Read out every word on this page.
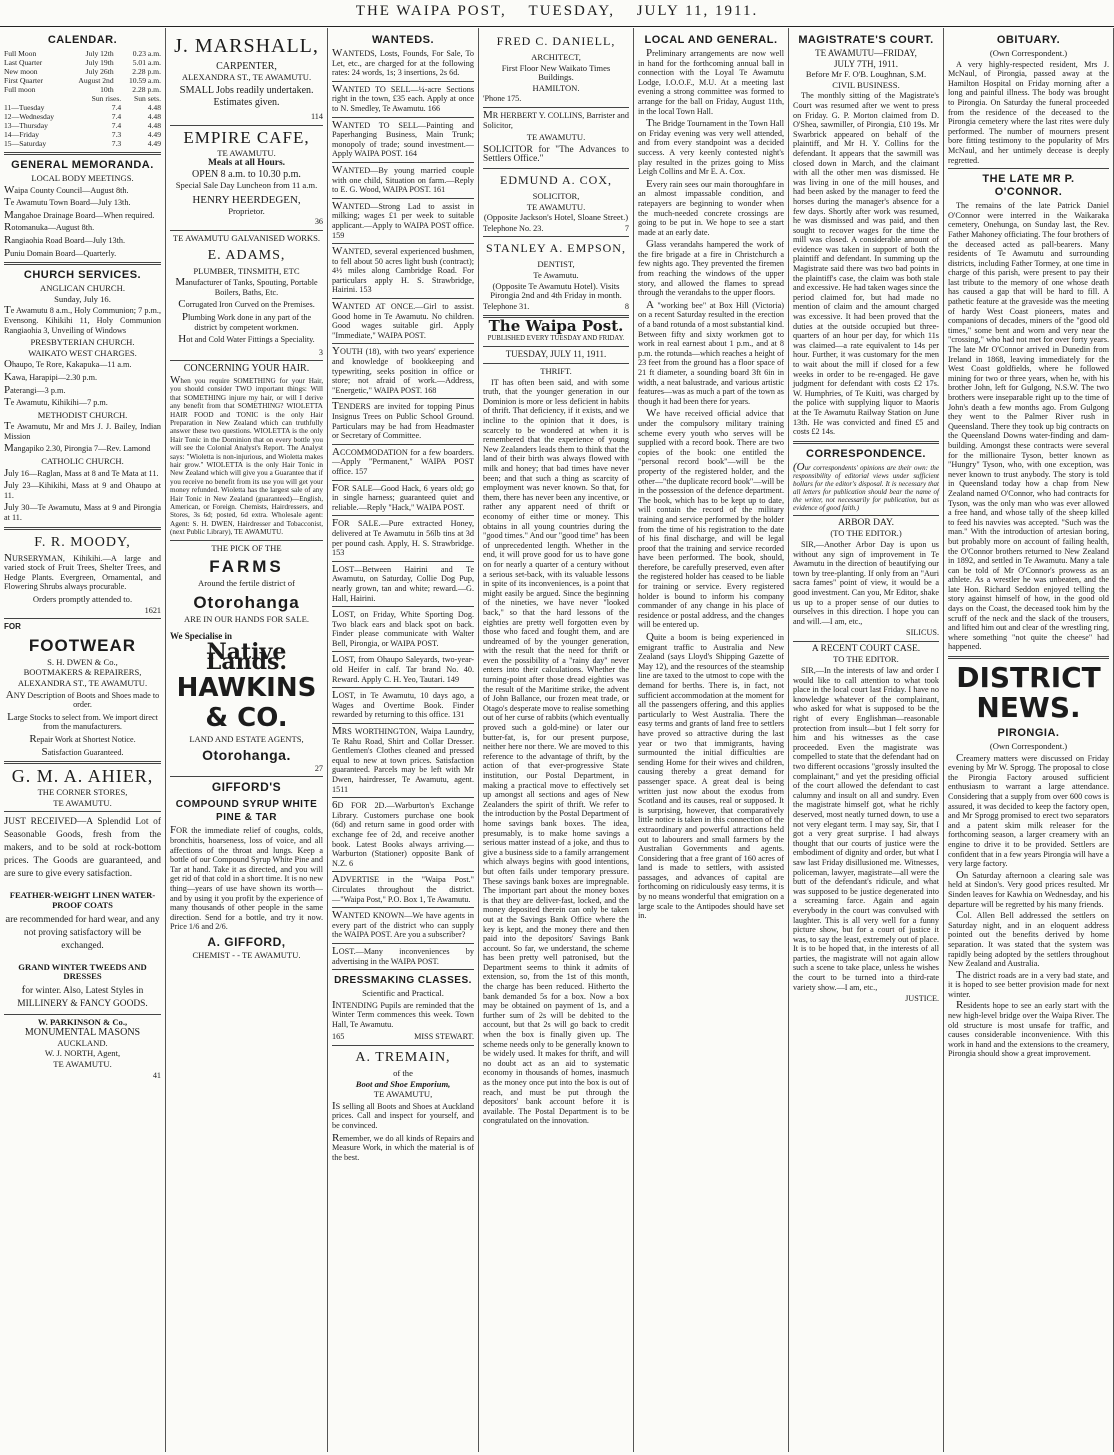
THE WAIPA POST, TUESDAY, JULY 11, 1911.
CALENDAR.
Full Moon	July 12th	0.23 a.m.
Last Quarter	July 19th	5.01 a.m.
New moon	July 26th	2.28 p.m.
First Quarter	August 2nd	10.59 a.m.
Full moon	10th	2.28 p.m.
	Sun rises.	Sun sets.
11—Tuesday	7.4	4.48
12—Wednesday	7.4	4.48
13—Thursday	7.4	4.48
14—Friday	7.3	4.49
15—Saturday	7.3	4.49
GENERAL MEMORANDA.
LOCAL BODY MEETINGS.
Waipa County Council—August 8th.
Te Awamutu Town Board—July 13th.
Mangahoe Drainage Board—When required.
Rotomanuka—August 8th.
Rangiaohia Road Board—July 13th.
Puniu Domain Board—Quarterly.
CHURCH SERVICES.
ANGLICAN CHURCH.
Sunday, July 16.
Te Awamutu 8 a.m., Holy Communion; 7 p.m., Evensong. Kihikihi 11, Holy Communion Rangiaohia 3, Unveiling of Windows
PRESBYTERIAN CHURCH.
WAIKATO WEST CHARGES.
Ohaupo, Te Rore, Kakapuka—11 a.m.
Kawa, Harapipi—2.30 p.m.
Paterangi—3 p.m.
Te Awamutu, Kihikihi—7 p.m.
METHODIST CHURCH.
Te Awamutu, Mr and Mrs J. J. Bailey, Indian Mission
Mangapiko 2.30, Pirongia 7—Rev. Lamond
CATHOLIC CHURCH.
July 16—Raglan, Mass at 8 and Te Mata at 11.
July 23—Kihikihi, Mass at 9 and Ohaupo at 11.
July 30—Te Awamutu, Mass at 9 and Pirongia at 11.
F. R. MOODY,
NURSERYMAN, Kihikihi.—A large and varied stock of Fruit Trees, Shelter Trees, and Hedge Plants. Evergreen, Ornamental, and Flowering Shrubs always procurable.
Orders promptly attended to.
1621
FOR
FOOTWEAR
S. H. DWEN & Co.,
BOOTMAKERS & REPAIRERS,
ALEXANDRA ST., TE AWAMUTU.
ANY Description of Boots and Shoes made to order.
Large Stocks to select from. We import direct from the manufacturers.
Repair Work at Shortest Notice.
Satisfaction Guaranteed.
G. M. A. AHIER,
THE CORNER STORES,
TE AWAMUTU.
JUST RECEIVED—A Splendid Lot of Seasonable Goods, fresh from the makers, and to be sold at rock-bottom prices. The Goods are guaranteed, and are sure to give every satisfaction.
FEATHER-WEIGHT LINEN WATER-PROOF COATS
are recommended for hard wear, and any not proving satisfactory will be exchanged.
GRAND WINTER TWEEDS AND DRESSES
for winter. Also, Latest Styles in MILLINERY & FANCY GOODS.
W. PARKINSON & Co.,
MONUMENTAL MASONS
AUCKLAND.
W. J. NORTH, Agent,
TE AWAMUTU.
41
J. MARSHALL,
CARPENTER,
ALEXANDRA ST., TE AWAMUTU.
SMALL Jobs readily undertaken. Estimates given.
114
EMPIRE CAFE,
TE AWAMUTU.
Meals at all Hours.
OPEN 8 a.m. to 10.30 p.m.
Special Sale Day Luncheon from 11 a.m.
HENRY HEERDEGEN,
Proprietor.
36
TE AWAMUTU GALVANISED WORKS.
E. ADAMS,
PLUMBER, TINSMITH, ETC
Manufacturer of Tanks, Spouting, Portable Boilers, Baths, Etc.
Corrugated Iron Curved on the Premises.
Plumbing Work done in any part of the district by competent workmen.
Hot and Cold Water Fittings a Speciality.
3
CONCERNING YOUR HAIR.
When you require SOMETHING for your Hair, you should consider TWO important things: Will that SOMETHING injure my hair, or will I derive any benefit from that SOMETHING? WIOLETTA HAIR FOOD and TONIC is the only Hair Preparation in New Zealand which can truthfully answer these two questions. WIOLETTA is the only Hair Tonic in the Dominion that on every bottle you will see the Colonial Analyst's Report. The Analyst says: "Wioletta is non-injurious, and Wioletta makes hair grow." WIOLETTA is the only Hair Tonic in New Zealand which will give you a Guarantee that if you receive no benefit from its use you will get your money refunded. Wioletta has the largest sale of any Hair Tonic in New Zealand (guaranteed)—English, American, or Foreign. Chemists, Hairdressers, and Stores, 3s 6d; posted, 6d extra. Wholesale agent: Agent: S. H. DWEN, Hairdresser and Tobacconist, (next Public Library), TE AWAMUTU.
THE PICK OF THE
FARMS
Around the fertile district of
Otorohanga
ARE IN OUR HANDS FOR SALE.
We Specialise in
Native Lands.
HAWKINS & CO.
LAND AND ESTATE AGENTS,
Otorohanga.
27
GIFFORD'S
COMPOUND SYRUP WHITE PINE & TAR
FOR the immediate relief of coughs, colds, bronchitis, hoarseness, loss of voice, and all affections of the throat and lungs. Keep a bottle of our Compound Syrup White Pine and Tar at hand. Take it as directed, and you will get rid of that cold in a short time. It is no new thing—years of use have shown its worth—and by using it you profit by the experience of many thousands of other people in the same direction. Send for a bottle, and try it now. Price 1/6 and 2/6.
A. GIFFORD,
CHEMIST - - TE AWAMUTU.
WANTEDS.
WANTEDS, Losts, Founds, For Sale, To Let, etc., are charged for at the following rates: 24 words, 1s; 3 insertions, 2s 6d.
WANTED TO SELL—¼-acre Sections right in the town, £35 each. Apply at once to N. Smedley, Te Awamutu. 166
WANTED TO SELL—Painting and Paperhanging Business, Main Trunk; monopoly of trade; sound investment.—Apply WAIPA POST. 164
WANTED—By young married couple with one child, Situation on farm.—Reply to E. G. Wood, WAIPA POST. 161
WANTED—Strong Lad to assist in milking; wages £1 per week to suitable applicant.—Apply to WAIPA POST office. 159
WANTED, several experienced bushmen, to fell about 50 acres light bush (contract); 4½ miles along Cambridge Road. For particulars apply H. S. Strawbridge, Hairini. 153
WANTED AT ONCE.—Girl to assist. Good home in Te Awamutu. No children. Good wages suitable girl. Apply "Immediate," WAIPA POST.
YOUTH (18), with two years' experience and knowledge of bookkeeping and typewriting, seeks position in office or store; not afraid of work.—Address, "Energetic," WAIPA POST. 168
TENDERS are invited for topping Pinus Insignus Trees on Public School Ground. Particulars may be had from Headmaster or Secretary of Committee.
ACCOMMODATION for a few boarders.—Apply "Permanent," WAIPA POST office. 157
FOR SALE—Good Hack, 6 years old; go in single harness; guaranteed quiet and reliable.—Reply "Hack," WAIPA POST.
FOR SALE.—Pure extracted Honey, delivered at Te Awamutu in 56lb tins at 3d per pound cash. Apply, H. S. Strawbridge. 153
LOST—Between Hairini and Te Awamutu, on Saturday, Collie Dog Pup, nearly grown, tan and white; reward.—G. Hall, Hairini.
LOST, on Friday, White Sporting Dog. Two black ears and black spot on back. Finder please communicate with Walter Bell, Pirongia, or WAIPA POST.
LOST, from Ohaupo Saleyards, two-year-old Heifer in calf. Tar brand No. 40. Reward. Apply C. H. Yeo, Tautari. 149
LOST, in Te Awamutu, 10 days ago, a Wages and Overtime Book. Finder rewarded by returning to this office. 131
MRS WORTHINGTON, Waipa Laundry, Te Rahu Road, Shirt and Collar Dresser. Gentlemen's Clothes cleaned and pressed equal to new at town prices. Satisfaction guaranteed. Parcels may be left with Mr Dwen, hairdresser, Te Awamutu, agent. 1511
6D FOR 2D.—Warburton's Exchange Library. Customers purchase one book (6d) and return same in good order with exchange fee of 2d, and receive another book. Latest Books always arriving.—Warburton (Stationer) opposite Bank of N.Z. 6
ADVERTISE in the "Waipa Post." Circulates throughout the district.—"Waipa Post," P.O. Box 1, Te Awamutu.
WANTED KNOWN—We have agents in every part of the district who can supply the WAIPA POST. Are you a subscriber?
LOST.—Many inconveniences by advertising in the WAIPA POST.
DRESSMAKING CLASSES.
Scientific and Practical.
INTENDING Pupils are reminded that the Winter Term commences this week. Town Hall, Te Awamutu.
165	MISS STEWART.
A. TREMAIN,
of the
Boot and Shoe Emporium,
TE AWAMUTU,
IS selling all Boots and Shoes at Auckland prices. Call and inspect for yourself, and be convinced.
Remember, we do all kinds of Repairs and Measure Work, in which the material is of the best.
FRED C. DANIELL,
ARCHITECT,
First Floor New Waikato Times Buildings.
HAMILTON.
'Phone 175.
MR HERBERT Y. COLLINS, Barrister and Solicitor,
TE AWAMUTU.
SOLICITOR for "The Advances to Settlers Office."
EDMUND A. COX,
SOLICITOR,
TE AWAMUTU.
(Opposite Jackson's Hotel, Sloane Street.)
Telephone No. 23.	7
STANLEY A. EMPSON,
DENTIST,
Te Awamutu.
(Opposite Te Awamutu Hotel). Visits Pirongia 2nd and 4th Friday in month.
Telephone 31.	8
The Waipa Post.
PUBLISHED EVERY TUESDAY AND FRIDAY.
TUESDAY, JULY 11, 1911.
THRIFT.

IT has often been said, and with some truth, that the younger generation in our Dominion is more or less deficient in habits of thrift. That deficiency, if it exists, and we incline to the opinion that it does, is scarcely to be wondered at when it is remembered that the experience of young New Zealanders leads them to think that the land of their birth was always flowed with milk and honey; that bad times have never been; and that such a thing as scarcity of employment was never known. So that, for them, there has never been any incentive, or rather any apparent need of thrift or economy of either time or money. This obtains in all young countries during the "good times." And our "good time" has been of unprecedented length. Whether in the end, it will prove good for us to have gone on for nearly a quarter of a century without a serious set-back, with its valuable lessons in spite of its inconveniences, is a point that might easily be argued. Since the beginning of the nineties, we have never "looked back," so that the hard lessons of the eighties are pretty well forgotten even by those who faced and fought them, and are undreamed of by the younger generation, with the result that the need for thrift or even the possibility of a "rainy day" never enters into their calculations. Whether the turning-point after those dread eighties was the result of the Maritime strike, the advent of John Ballance, our frozen meat trade, or Otago's desperate move to realise something out of her curse of rabbits (which eventually proved such a gold-mine) or later our butter-fat, is, for our present purpose, neither here nor there. We are moved to this reference to the advantage of thrift, by the action of that ever-progressive State institution, our Postal Department, in making a practical move to effectively set up amongst all sections and ages of New Zealanders the spirit of thrift. We refer to the introduction by the Postal Department of home savings bank boxes. The idea, presumably, is to make home savings a serious matter instead of a joke, and thus to give a business side to a family arrangement which always begins with good intentions, but often fails under temporary pressure. These savings bank boxes are impregnable. The important part about the money boxes is that they are deliver-fast, locked, and the money deposited therein can only be taken out at the Savings Bank Office where the key is kept, and the money there and then paid into the depositors' Savings Bank account. So far, we understand, the scheme has been pretty well patronised, but the Department seems to think it admits of extension, so, from the 1st of this month, the charge has been reduced. Hitherto the bank demanded 5s for a box. Now a box may be obtained on payment of 1s, and a further sum of 2s will be debited to the account, but that 2s will go back to credit when the box is finally given up. The scheme needs only to be generally known to be widely used. It makes for thrift, and will no doubt act as an aid to systematic economy in thousands of homes, inasmuch as the money once put into the box is out of reach, and must be put through the depositors' bank account before it is available. The Postal Department is to be congratulated on the innovation.

LOCAL AND GENERAL.
Preliminary arrangements are now well in hand for the forthcoming annual ball in connection with the Loyal Te Awamutu Lodge, I.O.O.F., M.U. At a meeting last evening a strong committee was formed to arrange for the ball on Friday, August 11th, in the local Town Hall.
The Bridge Tournament in the Town Hall on Friday evening was very well attended, and from every standpoint was a decided success. A very keenly contested night's play resulted in the prizes going to Miss Leigh Collins and Mr E. A. Cox.
Every rain sees our main thoroughfare in an almost impassable condition, and ratepayers are beginning to wonder when the much-needed concrete crossings are going to be put in. We hope to see a start made at an early date.
Glass verandahs hampered the work of the fire brigade at a fire in Christchurch a few nights ago. They prevented the firemen from reaching the windows of the upper story, and allowed the flames to spread through the verandahs to the upper floors.
A "working bee" at Box Hill (Victoria) on a recent Saturday resulted in the erection of a band rotunda of a most substantial kind. Between fifty and sixty workmen got to work in real earnest about 1 p.m., and at 8 p.m. the rotunda—which reaches a height of 23 feet from the ground has a floor space of 21 ft diameter, a sounding board 3ft 6in in width, a neat balustrade, and various artistic features—was as much a part of the town as though it had been there for years.
We have received official advice that under the compulsory military training scheme every youth who serves will be supplied with a record book. There are two copies of the book: one entitled the "personal record book"—will be the property of the registered holder, and the other—"the duplicate record book"—will be in the possession of the defence department. The book, which has to be kept up to date, will contain the record of the military training and service performed by the holder from the time of his registration to the date of his final discharge, and will be legal proof that the training and service recorded have been performed. The book, should, therefore, be carefully preserved, even after the registered holder has ceased to be liable for training or service. Every registered holder is bound to inform his company commander of any change in his place of residence or postal address, and the changes will be entered up.
Quite a boom is being experienced in emigrant traffic to Australia and New Zealand (says Lloyd's Shipping Gazette of May 12), and the resources of the steamship line are taxed to the utmost to cope with the demand for berths. There is, in fact, not sufficient accommodation at the moment for all the passengers offering, and this applies particularly to West Australia. There the easy terms and grants of land free to settlers have proved so attractive during the last year or two that immigrants, having surmounted the initial difficulties are sending Home for their wives and children, causing thereby a great demand for passenger space. A great deal is being written just now about the exodus from Scotland and its causes, real or supposed. It is surprising, however, that comparatively little notice is taken in this connection of the extraordinary and powerful attractions held out to labourers and small farmers by the Australian Governments and agents. Considering that a free grant of 160 acres of land is made to settlers, with assisted passages, and advances of capital are forthcoming on ridiculously easy terms, it is by no means wonderful that emigration on a large scale to the Antipodes should have set in.
MAGISTRATE'S COURT.
TE AWAMUTU—FRIDAY,
JULY 7TH, 1911.
Before Mr F. O'B. Loughnan, S.M.
CIVIL BUSINESS.

The monthly sitting of the Magistrate's Court was resumed after we went to press on Friday. G. P. Morton claimed from D. O'Shea, sawmiller, of Pirongia, £10 19s. Mr Swarbrick appeared on behalf of the plaintiff, and Mr H. Y. Collins for the defendant. It appears that the sawmill was closed down in March, and the claimant with all the other men was dismissed. He was living in one of the mill houses, and had been asked by the manager to feed the horses during the manager's absence for a few days. Shortly after work was resumed, he was dismissed and was paid, and then sought to recover wages for the time the mill was closed. A considerable amount of evidence was taken in support of both the plaintiff and defendant. In summing up the Magistrate said there was two bad points in the plaintiff's case, the claim was both stale and excessive. He had taken wages since the period claimed for, but had made no mention of claim and the amount charged was excessive. It had been proved that the duties at the outside occupied but three-quarters of an hour per day, for which 11s was claimed—a rate equivalent to 14s per hour. Further, it was customary for the men to wait about the mill if closed for a few weeks in order to be re-engaged. He gave judgment for defendant with costs £2 17s. W. Humphries, of Te Kuiti, was charged by the police with supplying liquor to Maoris at the Te Awamutu Railway Station on June 13th. He was convicted and fined £5 and costs £2 14s.

CORRESPONDENCE.
(Our correspondents' opinions are their own: the responsibility of editorial views under sufficient bollars for the editor's disposal. It is necessary that all letters for publication should bear the name of the writer, not necessarily for publication, but as evidence of good faith.)
ARBOR DAY.
(TO THE EDITOR.)

SIR,—Another Arbor Day is upon us without any sign of improvement in Te Awamutu in the direction of beautifying our town by tree-planting. If only from an "Auri sacra fames" point of view, it would be a good investment. Can you, Mr Editor, shake us up to a proper sense of our duties to ourselves in this direction. I hope you can and will.—I am, etc.,

SILICUS.
A RECENT COURT CASE.
TO THE EDITOR.

SIR,—In the interests of law and order I would like to call attention to what took place in the local court last Friday. I have no knowledge whatever of the complainant, who asked for what is supposed to be the right of every Englishman—reasonable protection from insult—but I felt sorry for him and his witnesses as the case proceeded. Even the magistrate was compelled to state that the defendant had on two different occasions "grossly insulted the complainant," and yet the presiding official of the court allowed the defendant to cast calumny and insult on all and sundry. Even the magistrate himself got, what he richly deserved, most neatly turned down, to use a not very elegant term. I may say, Sir, that I got a very great surprise. I had always thought that our courts of justice were the embodiment of dignity and order, but what I saw last Friday disillusioned me. Witnesses, policeman, lawyer, magistrate—all were the butt of the defendant's ridicule, and what was supposed to be justice degenerated into a screaming farce. Again and again everybody in the court was convulsed with laughter. This is all very well for a funny picture show, but for a court of justice it was, to say the least, extremely out of place. It is to be hoped that, in the interests of all parties, the magistrate will not again allow such a scene to take place, unless he wishes the court to be turned into a third-rate variety show.—I am, etc.,

JUSTICE.
OBITUARY.
(Own Correspondent.)

A very highly-respected resident, Mrs J. McNaul, of Pirongia, passed away at the Hamilton Hospital on Friday morning after a long and painful illness. The body was brought to Pirongia. On Saturday the funeral proceeded from the residence of the deceased to the Pirongia cemetery where the last rites were duly performed. The number of mourners present bore fitting testimony to the popularity of Mrs McNaul, and her untimely decease is deeply regretted.

THE LATE MR P. O'CONNOR.

The remains of the late Patrick Daniel O'Connor were interred in the Waikaraka cemetery, Onehunga, on Sunday last, the Rev. Father Mahoney officiating. The four brothers of the deceased acted as pall-bearers. Many residents of Te Awamutu and surrounding districts, including Father Tormey, at one time in charge of this parish, were present to pay their last tribute to the memory of one whose death has caused a gap that will be hard to fill. A pathetic feature at the graveside was the meeting of hardy West Coast pioneers, mates and companions of decades, miners of the "good old times," some bent and worn and very near the "crossing," who had not met for over forty years. The late Mr O'Connor arrived in Dunedin from Ireland in 1868, leaving immediately for the West Coast goldfields, where he followed mining for two or three years, when he, with his brother John, left for Gulgong, N.S.W. The two brothers were inseparable right up to the time of John's death a few months ago. From Gulgong they went to the Palmer River rush in Queensland. There they took up big contracts on the Queensland Downs water-finding and dam-building. Amongst these contracts were several for the millionaire Tyson, better known as "Hungry" Tyson, who, with one exception, was never known to trust anybody. The story is told in Queensland today how a chap from New Zealand named O'Connor, who had contracts for Tyson, was the only man who was ever allowed a free hand, and whose tally of the sheep killed to feed his navvies was accepted. "Such was the man." With the introduction of artesian boring, but probably more on account of failing health, the O'Connor brothers returned to New Zealand in 1892, and settled in Te Awamutu. Many a tale can be told of Mr O'Connor's prowess as an athlete. As a wrestler he was unbeaten, and the late Hon. Richard Seddon enjoyed telling the story against himself of how, in the good old days on the Coast, the deceased took him by the scruff of the neck and the slack of the trousers, and lifted him out and clear of the wrestling ring, where something "not quite the cheese" had happened.

DISTRICT NEWS.
PIRONGIA.
(Own Correspondent.)
Creamery matters were discussed on Friday evening by Mr W. Sprogg. The proposal to close the Pirongia Factory aroused sufficient enthusiasm to warrant a large attendance. Considering that a supply from over 600 cows is assured, it was decided to keep the factory open, and Mr Sprogg promised to erect two separators and a patent skim milk releaser for the forthcoming season, a larger creamery with an engine to drive it to be provided. Settlers are confident that in a few years Pirongia will have a very large factory.
On Saturday afternoon a clearing sale was held at Sindon's. Very good prices resulted. Mr Sinden leaves for Kawhia on Wednesday, and his departure will be regretted by his many friends.
Col. Allen Bell addressed the settlers on Saturday night, and in an eloquent address pointed out the benefits derived by home separation. It was stated that the system was rapidly being adopted by the settlers throughout New Zealand and Australia.
The district roads are in a very bad state, and it is hoped to see better provision made for next winter.
Residents hope to see an early start with the new high-level bridge over the Waipa River. The old structure is most unsafe for traffic, and causes considerable inconvenience. With this work in hand and the extensions to the creamery, Pirongia should show a great improvement.
